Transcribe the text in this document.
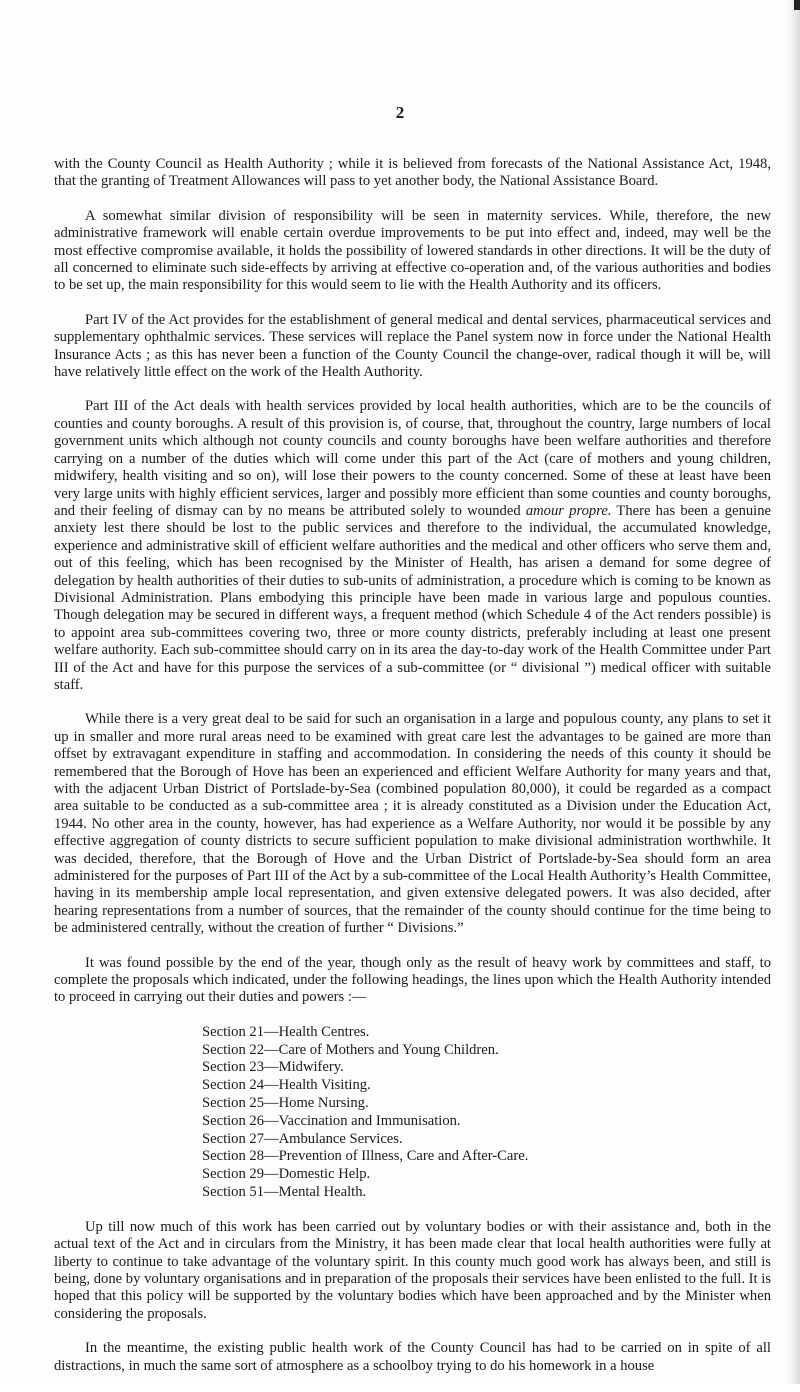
2

with the County Council as Health Authority ; while it is believed from forecasts of the National Assistance Act, 1948, that the granting of Treatment Allowances will pass to yet another body, the National Assistance Board.

A somewhat similar division of responsibility will be seen in maternity services. While, therefore, the new administrative framework will enable certain overdue improvements to be put into effect and, indeed, may well be the most effective compromise available, it holds the possibility of lowered standards in other directions. It will be the duty of all concerned to eliminate such side-effects by arriving at effective co-operation and, of the various authorities and bodies to be set up, the main responsibility for this would seem to lie with the Health Authority and its officers.

Part IV of the Act provides for the establishment of general medical and dental services, pharmaceutical services and supplementary ophthalmic services. These services will replace the Panel system now in force under the National Health Insurance Acts ; as this has never been a function of the County Council the change-over, radical though it will be, will have relatively little effect on the work of the Health Authority.

Part III of the Act deals with health services provided by local health authorities, which are to be the councils of counties and county boroughs. A result of this provision is, of course, that, throughout the country, large numbers of local government units which although not county councils and county boroughs have been welfare authorities and therefore carrying on a number of the duties which will come under this part of the Act (care of mothers and young children, midwifery, health visiting and so on), will lose their powers to the county concerned. Some of these at least have been very large units with highly efficient services, larger and possibly more efficient than some counties and county boroughs, and their feeling of dismay can by no means be attributed solely to wounded amour propre. There has been a genuine anxiety lest there should be lost to the public services and therefore to the individual, the accumulated knowledge, experience and administrative skill of efficient welfare authorities and the medical and other officers who serve them and, out of this feeling, which has been recognised by the Minister of Health, has arisen a demand for some degree of delegation by health authorities of their duties to sub-units of administration, a procedure which is coming to be known as Divisional Administration. Plans embodying this principle have been made in various large and populous counties. Though delegation may be secured in different ways, a frequent method (which Schedule 4 of the Act renders possible) is to appoint area sub-committees covering two, three or more county districts, preferably including at least one present welfare authority. Each sub-committee should carry on in its area the day-to-day work of the Health Committee under Part III of the Act and have for this purpose the services of a sub-committee (or “ divisional ”) medical officer with suitable staff.

While there is a very great deal to be said for such an organisation in a large and populous county, any plans to set it up in smaller and more rural areas need to be examined with great care lest the advantages to be gained are more than offset by extravagant expenditure in staffing and accommodation. In considering the needs of this county it should be remembered that the Borough of Hove has been an experienced and efficient Welfare Authority for many years and that, with the adjacent Urban District of Portslade-by-Sea (combined population 80,000), it could be regarded as a compact area suitable to be conducted as a sub-committee area ; it is already constituted as a Division under the Education Act, 1944. No other area in the county, however, has had experience as a Welfare Authority, nor would it be possible by any effective aggregation of county districts to secure sufficient population to make divisional administration worthwhile. It was decided, therefore, that the Borough of Hove and the Urban District of Portslade-by-Sea should form an area administered for the purposes of Part III of the Act by a sub-committee of the Local Health Authority’s Health Committee, having in its membership ample local representation, and given extensive delegated powers. It was also decided, after hearing representations from a number of sources, that the remainder of the county should continue for the time being to be administered centrally, without the creation of further “ Divisions.”

It was found possible by the end of the year, though only as the result of heavy work by committees and staff, to complete the proposals which indicated, under the following headings, the lines upon which the Health Authority intended to proceed in carrying out their duties and powers :—

Section 21—Health Centres.
Section 22—Care of Mothers and Young Children.
Section 23—Midwifery.
Section 24—Health Visiting.
Section 25—Home Nursing.
Section 26—Vaccination and Immunisation.
Section 27—Ambulance Services.
Section 28—Prevention of Illness, Care and After-Care.
Section 29—Domestic Help.
Section 51—Mental Health.

Up till now much of this work has been carried out by voluntary bodies or with their assistance and, both in the actual text of the Act and in circulars from the Ministry, it has been made clear that local health authorities were fully at liberty to continue to take advantage of the voluntary spirit. In this county much good work has always been, and still is being, done by voluntary organisations and in preparation of the proposals their services have been enlisted to the full. It is hoped that this policy will be supported by the voluntary bodies which have been approached and by the Minister when considering the proposals.

In the meantime, the existing public health work of the County Council has had to be carried on in spite of all distractions, in much the same sort of atmosphere as a schoolboy trying to do his homework in a house
